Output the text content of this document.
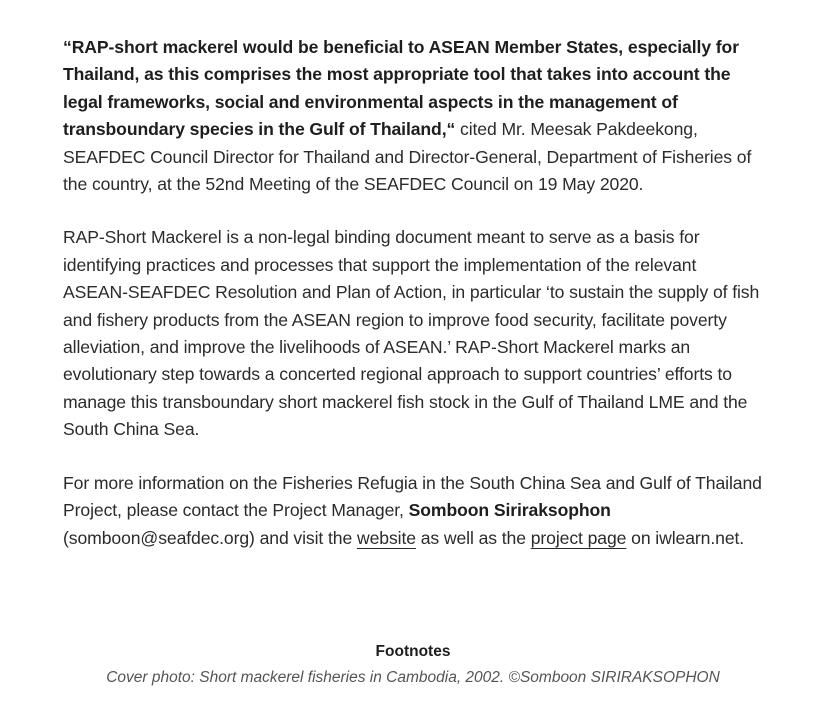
“RAP-short mackerel would be beneficial to ASEAN Member States, especially for Thailand, as this comprises the most appropriate tool that takes into account the legal frameworks, social and environmental aspects in the management of transboundary species in the Gulf of Thailand,“ cited Mr. Meesak Pakdeekong, SEAFDEC Council Director for Thailand and Director-General, Department of Fisheries of the country, at the 52nd Meeting of the SEAFDEC Council on 19 May 2020.

RAP-Short Mackerel is a non-legal binding document meant to serve as a basis for identifying practices and processes that support the implementation of the relevant ASEAN-SEAFDEC Resolution and Plan of Action, in particular ‘to sustain the supply of fish and fishery products from the ASEAN region to improve food security, facilitate poverty alleviation, and improve the livelihoods of ASEAN.’ RAP-Short Mackerel marks an evolutionary step towards a concerted regional approach to support countries’ efforts to manage this transboundary short mackerel fish stock in the Gulf of Thailand LME and the South China Sea.

For more information on the Fisheries Refugia in the South China Sea and Gulf of Thailand Project, please contact the Project Manager, Somboon Siriraksophon (somboon@seafdec.org) and visit the website as well as the project page on iwlearn.net.

Footnotes

Cover photo: Short mackerel fisheries in Cambodia, 2002. ©Somboon SIRIRAKSOPHON
